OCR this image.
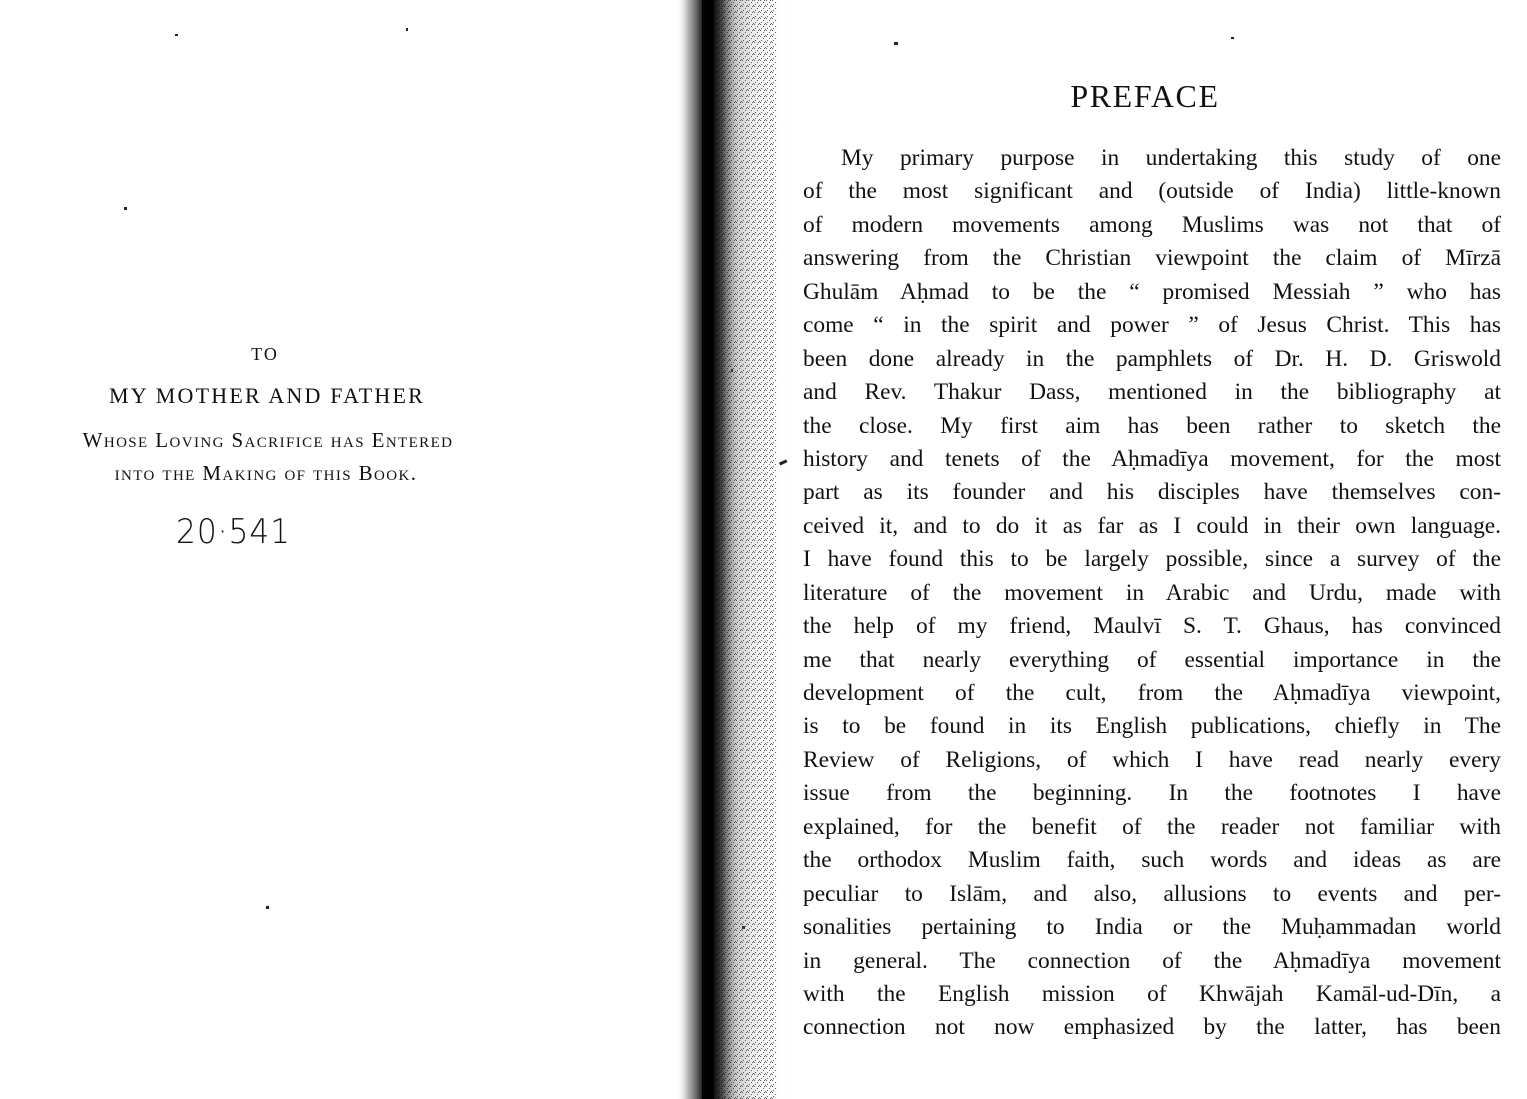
TO
MY MOTHER AND FATHER
Whose Loving Sacrifice has Entered
into the Making of this Book.
20·541
PREFACE
My primary purpose in undertaking this study of one
of the most significant and (outside of India) little-known
of modern movements among Muslims was not that of
answering from the Christian viewpoint the claim of Mīrzā
Ghulām Aḥmad to be the “ promised Messiah ” who has
come “ in the spirit and power ” of Jesus Christ. This has
been done already in the pamphlets of Dr. H. D. Griswold
and Rev. Thakur Dass, mentioned in the bibliography at
the close. My first aim has been rather to sketch the
history and tenets of the Aḥmadīya movement, for the most
part as its founder and his disciples have themselves con-
ceived it, and to do it as far as I could in their own language.
I have found this to be largely possible, since a survey of the
literature of the movement in Arabic and Urdu, made with
the help of my friend, Maulvī S. T. Ghaus, has convinced
me that nearly everything of essential importance in the
development of the cult, from the Aḥmadīya viewpoint,
is to be found in its English publications, chiefly in The
Review of Religions, of which I have read nearly every
issue from the beginning. In the footnotes I have
explained, for the benefit of the reader not familiar with
the orthodox Muslim faith, such words and ideas as are
peculiar to Islām, and also, allusions to events and per-
sonalities pertaining to India or the Muḥammadan world
in general. The connection of the Aḥmadīya movement
with the English mission of Khwājah Kamāl-ud-Dīn, a
connection not now emphasized by the latter, has been
